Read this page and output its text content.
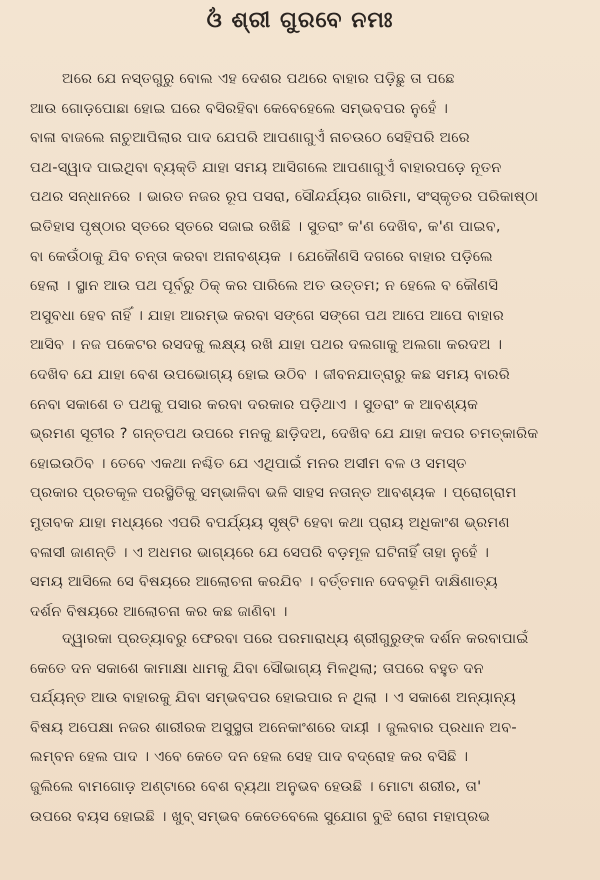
ଓଁ ଶ୍ରୀ ଗୁରବେ ନମଃ
ଅରେ ଯେ ନସ୍ତଗୁରୁ ବୋଲ ଏହ ଦେଶର ପଥରେ ବାହାର ପଡ଼ିଛୁ ତା ପଛେ
ଆଉ ଗୋଡ଼ପୋଛା ହୋଇ ଘରେ ବସିରହିବା କେବେହେଲେ ସମ୍ଭବପର ନୁହେଁ ।
ବାଳା ବାଜଲେ ନାଚୁଆପିଲାର ପାଦ ଯେପରି ଆପଣାଗୁଏଁ ନାଚଉଠେ ସେହିପରି ଅରେ
ପଥ-ସ୍ୱାଦ ପାଇଥିବା ବ୍ୟକ୍ତି ଯାହା ସମୟ ଆସିଗଲେ ଆପଣାଗୁଏଁ ବାହାରପଡ଼େ ନୂତନ
ପଥର ସନ୍ଧାନରେ । ଭାରତ ନଜର ରୂପ ପସରା, ସୌନ୍ଦର୍ଯ୍ୟର ଗାରିମା, ସଂସ୍କୃତର ପରିକାଷ୍ଠା
ଇତିହାସ ପୃଷ୍ଠାର ସ୍ତରେ ସ୍ତରେ ସଜାଇ ରଖିଛି । ସୁତରାଂ କ'ଣ ଦେଖିବ, କ'ଣ ପାଇବ,
ବା କେଉଁଠାକୁ ଯିବ ଚନ୍ତା କରବା ଅନାବଶ୍ୟକ । ଯେକୌଣସି ଦଗରେ ବାହାର ପଡ଼ିଲେ
ହେଲା । ସ୍ଥାନ ଆଉ ପଥ ପୂର୍ବରୁ ଠିକ୍ କର ପାରିଲେ ଅତ ଉତ୍ତମ; ନ ହେଲେ ବ କୌଣସି
ଅସୁବଧା ହେବ ନାହିଁ । ଯାହା ଆରମ୍ଭ କରବା ସଙ୍ଗେ ସଙ୍ଗେ ପଥ ଆପେ ଆପେ ବାହାର
ଆସିବ । ନଜ ପକେଟର ରସଦକୁ ଲକ୍ଷ୍ୟ ରଖି ଯାହା ପଥର ଦଲଗାକୁ ଅଲଗା କରଦଅ ।
ଦେଖିବ ଯେ ଯାହା ବେଶ ଉପଭୋଗ୍ୟ ହୋଇ ଉଠିବ । ଜୀବନଯାତ୍ରାରୁ କଛ ସମୟ ବାରରି
ନେବା ସକାଶେ ତ ପଥକୁ ପସାର କରବା ଦରକାର ପଡ଼ିଥାଏ । ସୁତରାଂ କ ଆବଶ୍ୟକ
ଭ୍ରମଣ ସୂଚୀର ? ଗନ୍ତପଥ ଉପରେ ମନକୁ ଛାଡ଼ିଦଅ, ଦେଖିବ ଯେ ଯାହା କପର ଚମତ୍କାରିକ
ହୋଇଉଠିବ । ତେବେ ଏକଥା ନଶ୍ଚିତ ଯେ ଏଥିପାଇଁ ମନର ଅସୀମ ବଳ ଓ ସମସ୍ତ
ପ୍ରକାର ପ୍ରତକୂଳ ପରସ୍ଥିତିକୁ ସମ୍ଭାଳିବା ଭଳି ସାହସ ନତାନ୍ତ ଆବଶ୍ୟକ । ପ୍ରୋଗ୍ରାମ
ମୁତାବକ ଯାହା ମଧ୍ୟରେ ଏପରି ବପର୍ଯ୍ୟୟ ସୃଷ୍ଟି ହେବା କଥା ପ୍ରାୟ ଅଧିକାଂଶ ଭ୍ରମଣ
ବଳାସୀ ଜାଣନ୍ତି । ଏ ଅଧମର ଭାଗ୍ୟରେ ଯେ ସେପରି ବଡ଼ମୂଳ ଘଟିନାହିଁ ତାହା ନୁହେଁ ।
ସମୟ ଆସିଲେ ସେ ବିଷୟରେ ଆଲୋଚନା କରଯିବ । ବର୍ତ୍ତମାନ ଦେବଭୂମି ଦାକ୍ଷିଣାତ୍ୟ
ଦର୍ଶନ ବିଷୟରେ ଆଲୋଚନା କର କଛ ଜାଣିବା ।
ଦ୍ୱାରକା ପ୍ରତ୍ୟାବରୁ ଫେରବା ପରେ ପରମାରାଧ୍ୟ ଶ୍ରୀଗୁରୁଙ୍କ ଦର୍ଶନ କରବାପାଇଁ
କେତେ ଦନ ସକାଶେ କାମାକ୍ଷା ଧାମକୁ ଯିବା ସୌଭାଗ୍ୟ ମିଳଥିଲା; ତାପରେ ବହୁତ ଦନ
ପର୍ଯ୍ୟନ୍ତ ଆଉ ବାହାରକୁ ଯିବା ସମ୍ଭବପର ହୋଇପାର ନ ଥିଲା । ଏ ସକାଶେ ଅନ୍ୟାନ୍ୟ
ବିଷୟ ଅପେକ୍ଷା ନଜର ଶାରୀରକ ଅସୁସ୍ଥତା ଅନେକାଂଶରେ ଦାୟୀ । ଜୁଲବାର ପ୍ରଧାନ ଅବ-
ଲମ୍ବନ ହେଲ ପାଦ । ଏବେ କେତେ ଦନ ହେଲ ସେହ ପାଦ ବଦ୍ରୋହ କର ବସିଛି ।
ଜୁଲିଲେ ବାମଗୋଡ଼ ଅଣ୍ଟାରେ ବେଶ ବ୍ୟଥା ଅନୁଭବ ହେଉଛି । ମୋଟା ଶରୀର, ତା'
ଉପରେ ବୟସ ହୋଇଛି । ଖୁବ୍ ସମ୍ଭବ କେତେବେଲେ ସୁଯୋଗ ବୁଝି ରୋଗ ମହାପ୍ରଭ
